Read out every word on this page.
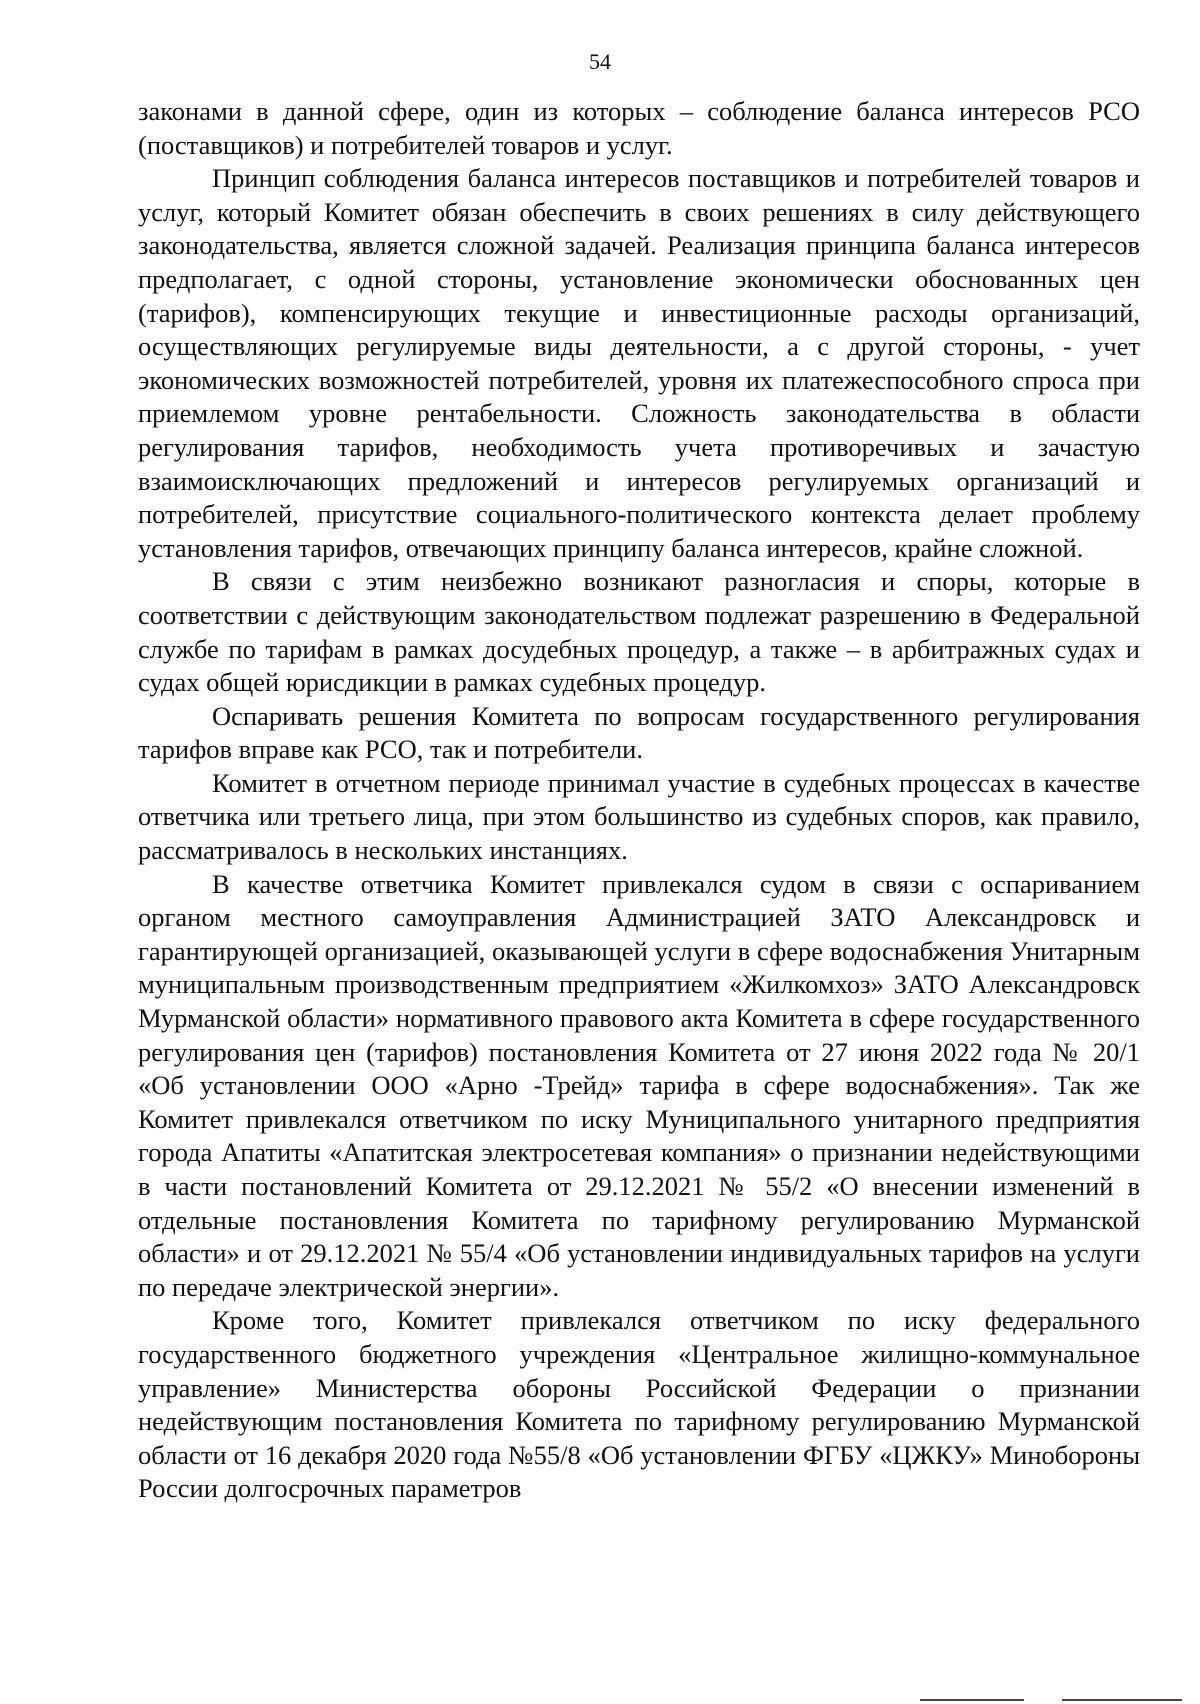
54

законами в данной сфере, один из которых – соблюдение баланса интересов РСО (поставщиков) и потребителей товаров и услуг.

Принцип соблюдения баланса интересов поставщиков и потребителей товаров и услуг, который Комитет обязан обеспечить в своих решениях в силу действующего законодательства, является сложной задачей. Реализация принципа баланса интересов предполагает, с одной стороны, установление экономически обоснованных цен (тарифов), компенсирующих текущие и инвестиционные расходы организаций, осуществляющих регулируемые виды деятельности, а с другой стороны, - учет экономических возможностей потребителей, уровня их платежеспособного спроса при приемлемом уровне рентабельности. Сложность законодательства в области регулирования тарифов, необходимость учета противоречивых и зачастую взаимоисключающих предложений и интересов регулируемых организаций и потребителей, присутствие социального-политического контекста делает проблему установления тарифов, отвечающих принципу баланса интересов, крайне сложной.

В связи с этим неизбежно возникают разногласия и споры, которые в соответствии с действующим законодательством подлежат разрешению в Федеральной службе по тарифам в рамках досудебных процедур, а также – в арбитражных судах и судах общей юрисдикции в рамках судебных процедур.

Оспаривать решения Комитета по вопросам государственного регулирования тарифов вправе как РСО, так и потребители.

Комитет в отчетном периоде принимал участие в судебных процессах в качестве ответчика или третьего лица, при этом большинство из судебных споров, как правило, рассматривалось в нескольких инстанциях.

В качестве ответчика Комитет привлекался судом в связи с оспариванием органом местного самоуправления Администрацией ЗАТО Александровск и гарантирующей организацией, оказывающей услуги в сфере водоснабжения Унитарным муниципальным производственным предприятием «Жилкомхоз» ЗАТО Александровск Мурманской области» нормативного правового акта Комитета в сфере государственного регулирования цен (тарифов) постановления Комитета от 27 июня 2022 года № 20/1 «Об установлении ООО «Арно -Трейд» тарифа в сфере водоснабжения». Так же Комитет привлекался ответчиком по иску Муниципального унитарного предприятия города Апатиты «Апатитская электросетевая компания» о признании недействующими в части постановлений Комитета от 29.12.2021 № 55/2 «О внесении изменений в отдельные постановления Комитета по тарифному регулированию Мурманской области» и от 29.12.2021 № 55/4 «Об установлении индивидуальных тарифов на услуги по передаче электрической энергии».

Кроме того, Комитет привлекался ответчиком по иску федерального государственного бюджетного учреждения «Центральное жилищно-коммунальное управление» Министерства обороны Российской Федерации о признании недействующим постановления Комитета по тарифному регулированию Мурманской области от 16 декабря 2020 года №55/8 «Об установлении ФГБУ «ЦЖКУ» Минобороны России долгосрочных параметров
